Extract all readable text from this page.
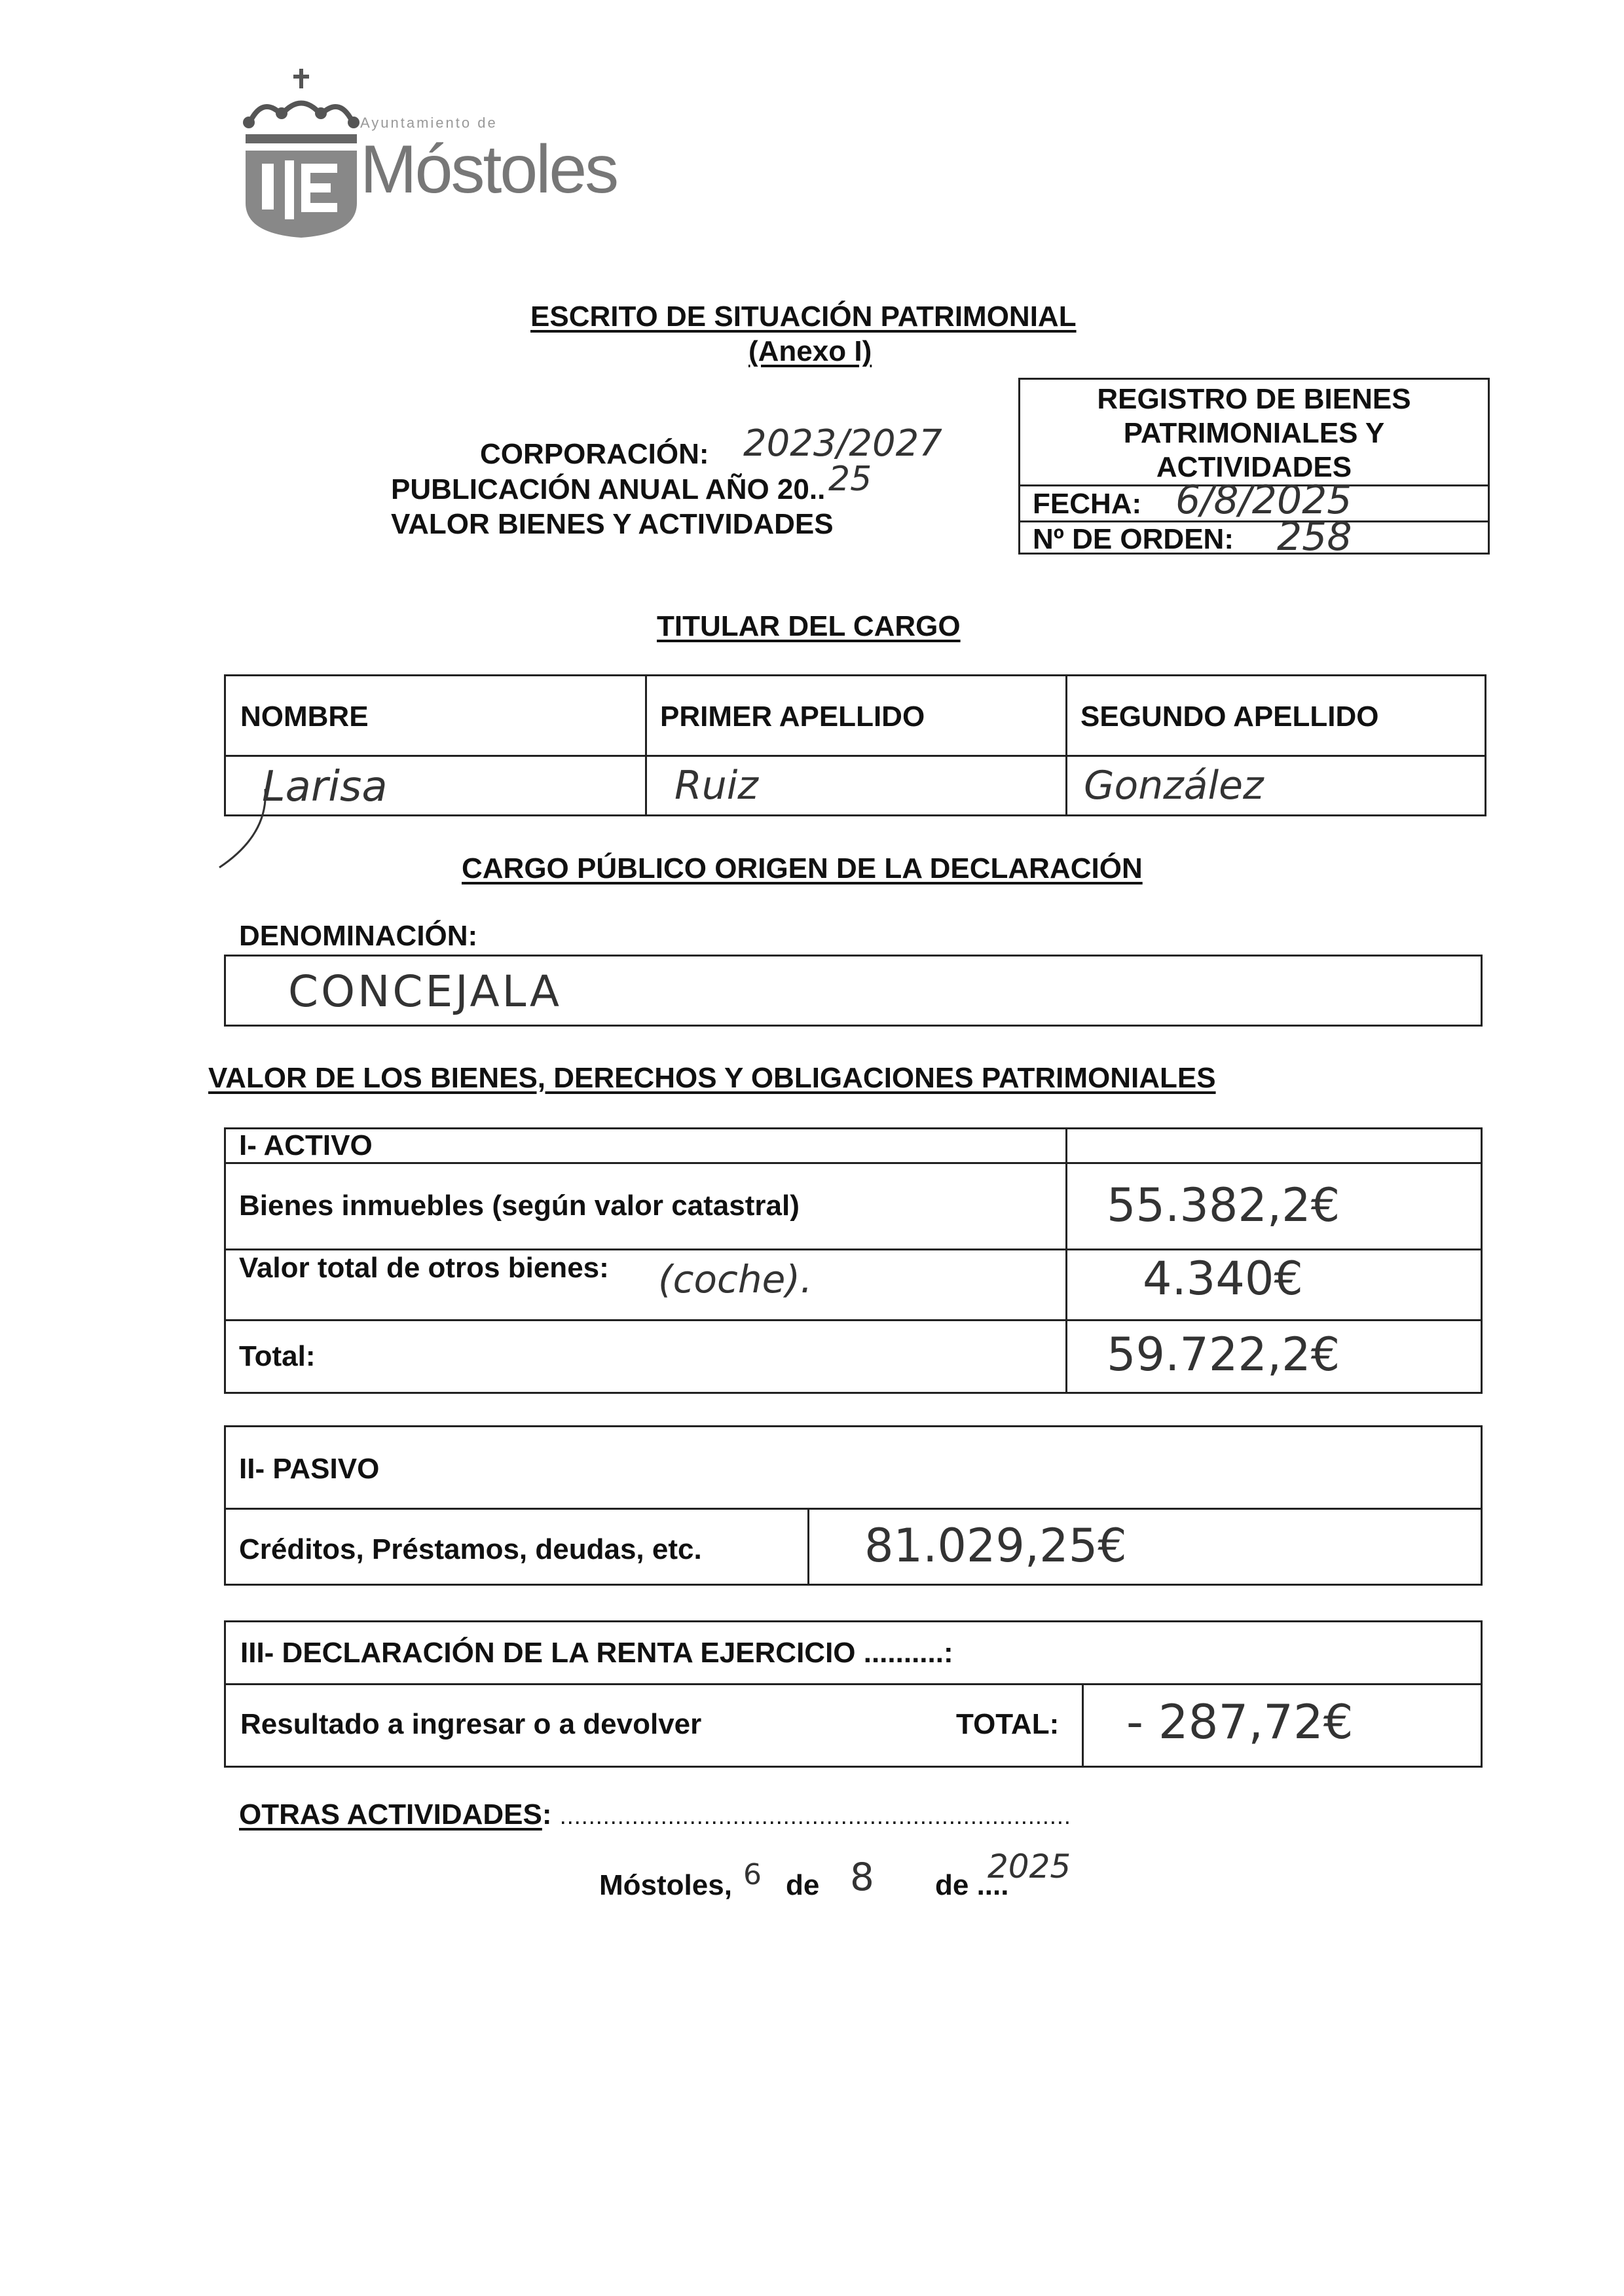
Ayuntamiento de
Móstoles
ESCRITO DE SITUACIÓN PATRIMONIAL
(Anexo I)
CORPORACIÓN: 2023/2027
PUBLICACIÓN ANUAL AÑO 20.. 25
VALOR BIENES Y ACTIVIDADES
REGISTRO DE BIENES
PATRIMONIALES Y
ACTIVIDADES
FECHA: 6/8/2025
Nº DE ORDEN: 258
TITULAR DEL CARGO
NOMBRE	PRIMER APELLIDO	SEGUNDO APELLIDO
Larisa	Ruiz	González
CARGO PÚBLICO ORIGEN DE LA DECLARACIÓN
DENOMINACIÓN:
CONCEJALA
VALOR DE LOS BIENES, DERECHOS Y OBLIGACIONES PATRIMONIALES
I- ACTIVO
Bienes inmuebles (según valor catastral)	55.382,2€
Valor total de otros bienes: (coche).	4.340€
Total:	59.722,2€
II- PASIVO
Créditos, Préstamos, deudas, etc.	81.029,25€
III- DECLARACIÓN DE LA RENTA EJERCICIO ..........:
Resultado a ingresar o a devolver	TOTAL: - 287,72€
OTRAS ACTIVIDADES: .......................................................................
Móstoles, 6 de 8 de ....
2025
